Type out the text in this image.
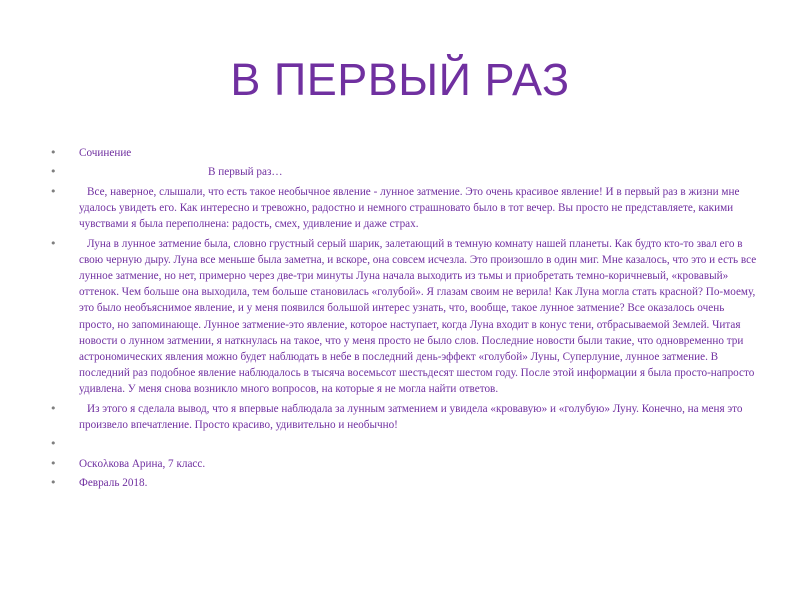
В ПЕРВЫЙ РАЗ
•	Сочинение
•	В первый раз…
•	Все, наверное, слышали, что есть такое необычное явление - лунное затмение. Это очень красивое явление! И в первый раз в жизни мне удалось увидеть его. Как интересно и тревожно, радостно и немного страшновато было в тот вечер. Вы просто не представляете, какими чувствами я была переполнена: радость, смех, удивление и даже страх.
•	Луна в лунное затмение была, словно грустный серый шарик, залетающий в темную комнату нашей планеты. Как будто кто-то звал его в свою черную дыру. Луна все меньше была заметна, и вскоре, она совсем исчезла. Это произошло в один миг. Мне казалось, что это и есть все лунное затмение, но нет, примерно через две-три минуты Луна начала выходить из тьмы и приобретать темно-коричневый, «кровавый» оттенок. Чем больше она выходила, тем больше становилась «голубой». Я глазам своим не верила! Как Луна могла стать красной? По-моему, это было необъяснимое явление, и у меня появился большой интерес узнать, что, вообще, такое лунное затмение? Все оказалось очень просто, но запоминающе. Лунное затмение-это явление, которое наступает, когда Луна входит в конус тени, отбрасываемой Землей. Читая новости о лунном затмении, я наткнулась на такое, что у меня просто не было слов. Последние новости были такие, что одновременно три астрономических явления можно будет наблюдать в небе в последний день-эффект «голубой» Луны, Суперлуние, лунное затмение. В последний раз подобное явление наблюдалось в тысяча восемьсот шестьдесят шестом году. После этой информации я была просто-напросто удивлена. У меня снова возникло много вопросов, на которые я не могла найти ответов.
•	Из этого я сделала вывод, что я впервые наблюдала за лунным затмением и увидела «кровавую» и «голубую» Луну. Конечно, на меня это произвело впечатление. Просто красиво, удивительно и необычно!
•
•	Оскολкова Арина, 7 класс.
•	Февраль 2018.
